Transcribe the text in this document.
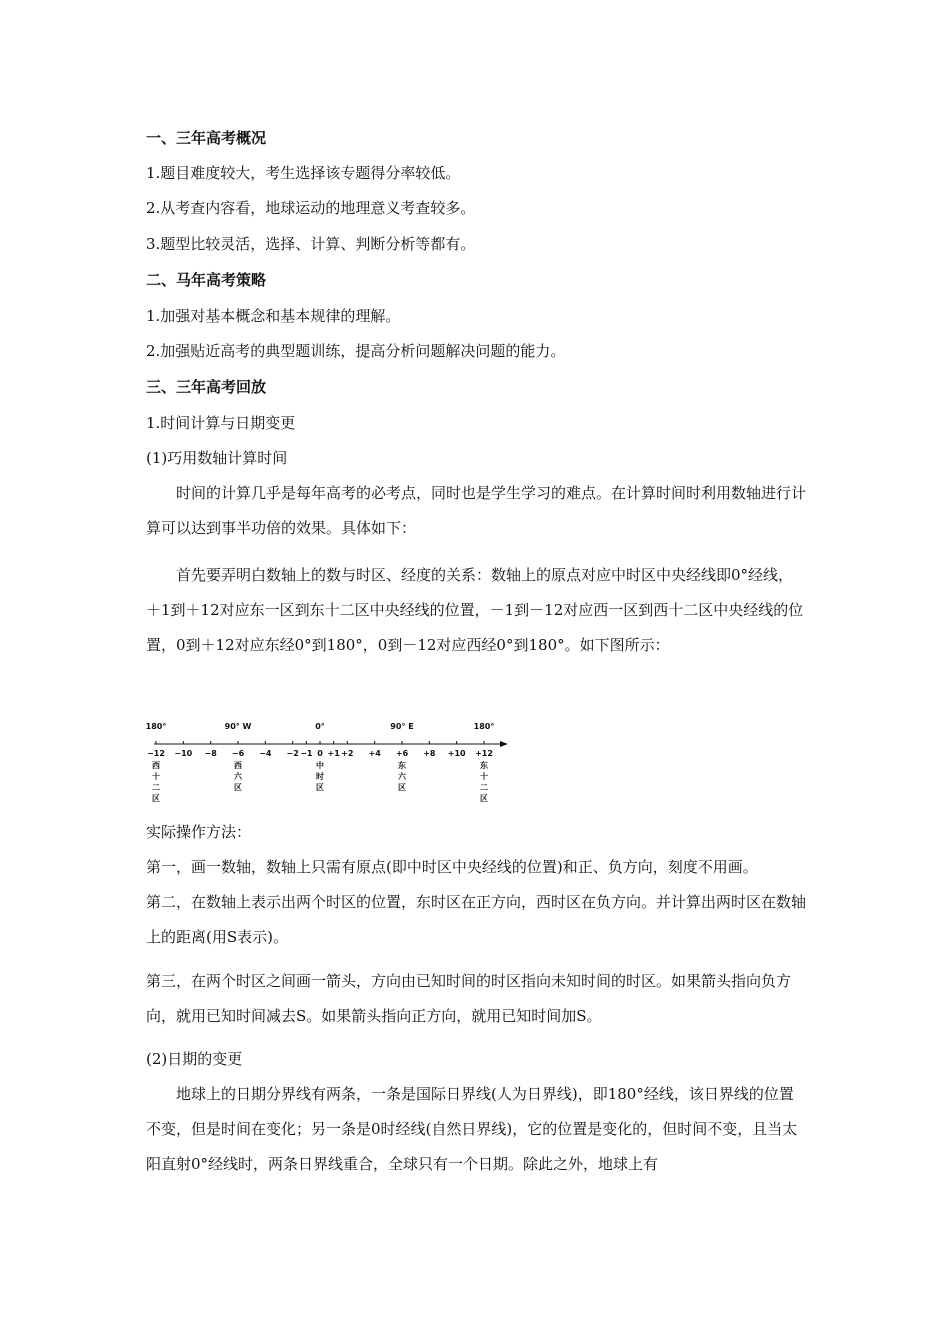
一、三年高考概况
1.题目难度较大，考生选择该专题得分率较低。
2.从考查内容看，地球运动的地理意义考查较多。
3.题型比较灵活，选择、计算、判断分析等都有。
二、马年高考策略
1.加强对基本概念和基本规律的理解。
2.加强贴近高考的典型题训练，提高分析问题解决问题的能力。
三、三年高考回放
1.时间计算与日期变更
(1)巧用数轴计算时间
时间的计算几乎是每年高考的必考点，同时也是学生学习的难点。在计算时间时利用数轴进行计算可以达到事半功倍的效果。具体如下：
首先要弄明白数轴上的数与时区、经度的关系：数轴上的原点对应中时区中央经线即0°经线，＋1到＋12对应东一区到东十二区中央经线的位置，－1到－12对应西一区到西十二区中央经线的位置，0到＋12对应东经0°到180°，0到－12对应西经0°到180°。如下图所示：
180°	90° W	0°	90° E	180°
−12 −10 −8 −6 −4 −2 −1 0 +1 +2 +4 +6 +8 +10 +12
西
十
二
区
西
六
区
中
时
区
东
六
区
东
十
二
区
实际操作方法：
第一，画一数轴，数轴上只需有原点(即中时区中央经线的位置)和正、负方向，刻度不用画。
第二，在数轴上表示出两个时区的位置，东时区在正方向，西时区在负方向。并计算出两时区在数轴上的距离(用S表示)。
第三，在两个时区之间画一箭头，方向由已知时间的时区指向未知时间的时区。如果箭头指向负方向，就用已知时间减去S。如果箭头指向正方向，就用已知时间加S。
(2)日期的变更
地球上的日期分界线有两条，一条是国际日界线(人为日界线)，即180°经线，该日界线的位置不变，但是时间在变化；另一条是0时经线(自然日界线)，它的位置是变化的，但时间不变，且当太阳直射0°经线时，两条日界线重合，全球只有一个日期。除此之外，地球上有
